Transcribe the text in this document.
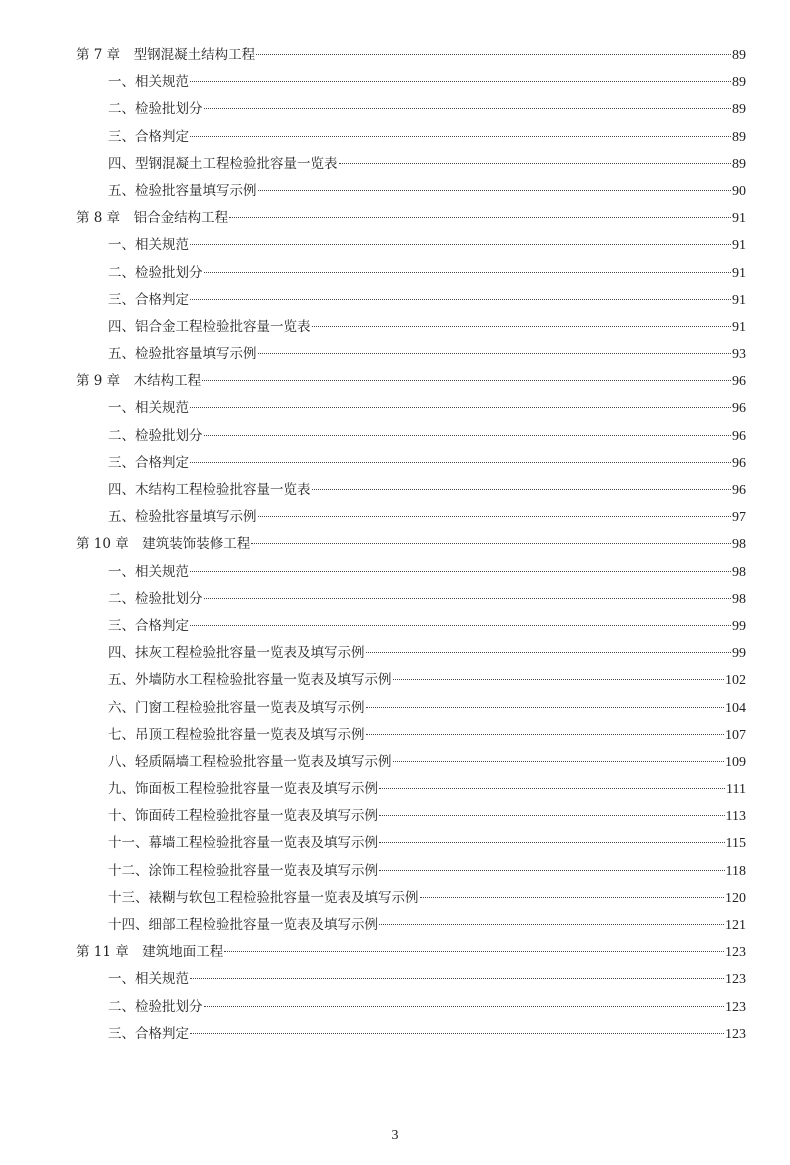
第 7 章　型钢混凝土结构工程	89
一、相关规范	89
二、检验批划分	89
三、合格判定	89
四、型钢混凝土工程检验批容量一览表	89
五、检验批容量填写示例	90
第 8 章　铝合金结构工程	91
一、相关规范	91
二、检验批划分	91
三、合格判定	91
四、铝合金工程检验批容量一览表	91
五、检验批容量填写示例	93
第 9 章　木结构工程	96
一、相关规范	96
二、检验批划分	96
三、合格判定	96
四、木结构工程检验批容量一览表	96
五、检验批容量填写示例	97
第 10 章　建筑装饰装修工程	98
一、相关规范	98
二、检验批划分	98
三、合格判定	99
四、抹灰工程检验批容量一览表及填写示例	99
五、外墙防水工程检验批容量一览表及填写示例	102
六、门窗工程检验批容量一览表及填写示例	104
七、吊顶工程检验批容量一览表及填写示例	107
八、轻质隔墙工程检验批容量一览表及填写示例	109
九、饰面板工程检验批容量一览表及填写示例	111
十、饰面砖工程检验批容量一览表及填写示例	113
十一、幕墙工程检验批容量一览表及填写示例	115
十二、涂饰工程检验批容量一览表及填写示例	118
十三、裱糊与软包工程检验批容量一览表及填写示例	120
十四、细部工程检验批容量一览表及填写示例	121
第 11 章　建筑地面工程	123
一、相关规范	123
二、检验批划分	123
三、合格判定	123
3
